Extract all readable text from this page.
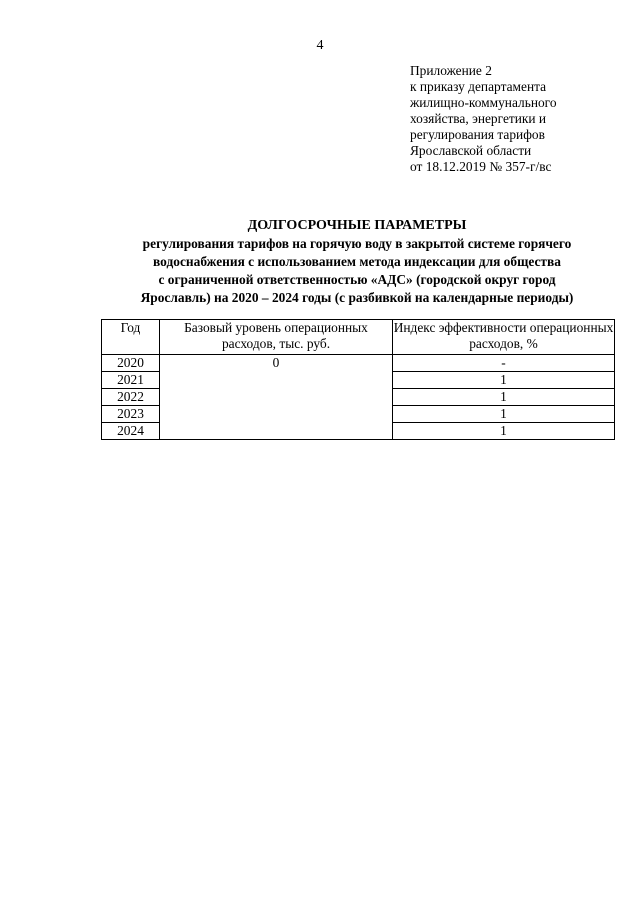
4
Приложение 2
к приказу департамента
жилищно-коммунального
хозяйства, энергетики и
регулирования тарифов
Ярославской области
от 18.12.2019 № 357-г/вс
ДОЛГОСРОЧНЫЕ ПАРАМЕТРЫ
регулирования тарифов на горячую воду в закрытой системе горячего
водоснабжения с использованием метода индексации для общества
с ограниченной ответственностью «АДС» (городской округ город
Ярославль) на 2020 – 2024 годы (с разбивкой на календарные периоды)
Год	Базовый уровень операционных расходов, тыс. руб.	Индекс эффективности операционных расходов, %
2020	0	-
2021		1
2022		1
2023		1
2024		1
